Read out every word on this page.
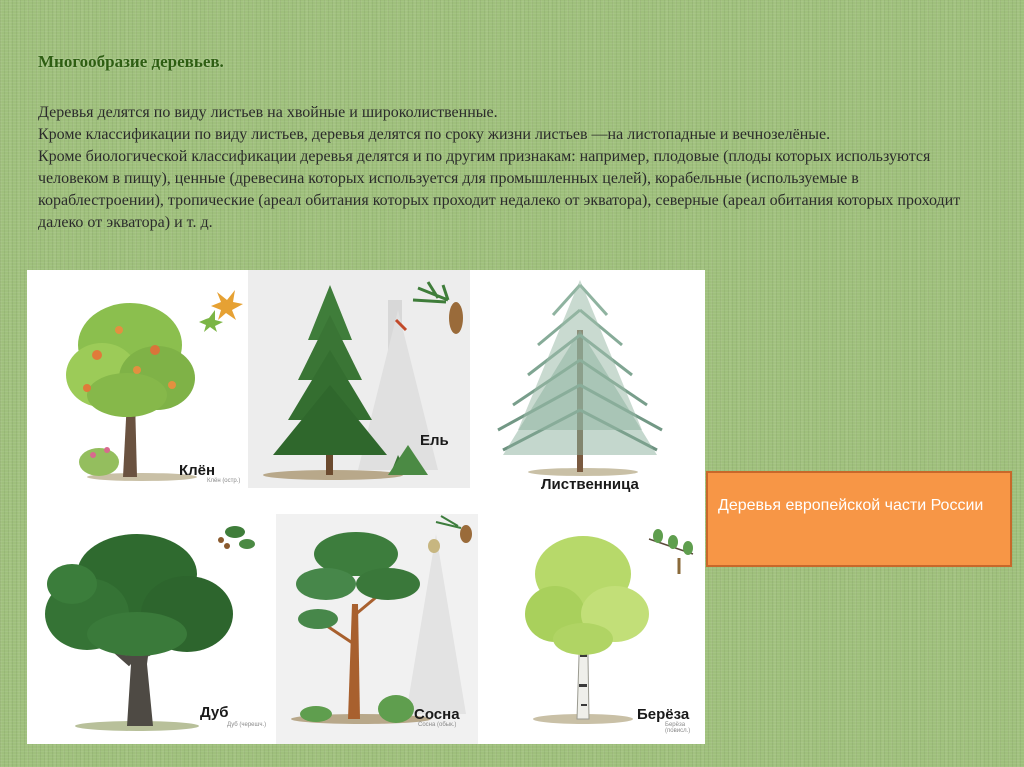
Многообразие деревьев.

Деревья делятся по виду листьев на хвойные и широколиственные.

Кроме классификации по виду листьев, деревья делятся по сроку жизни листьев —на листопадные и вечнозелёные.

Кроме биологической классификации деревья делятся и по другим признакам: например, плодовые (плоды которых используются человеком в пищу), ценные (древесина которых используется для промышленных целей), корабельные (используемые в кораблестроении), тропические (ареал обитания которых проходит недалеко от экватора), северные (ареал обитания которых проходит далеко от экватора) и т. д.

Клён
Клён (остр.)
Ель
Лиственница
Дуб
Дуб (черешч.)
Сосна
Сосна (обык.)
Берёза
Берёза (повисл.)
Деревья европейской части России
